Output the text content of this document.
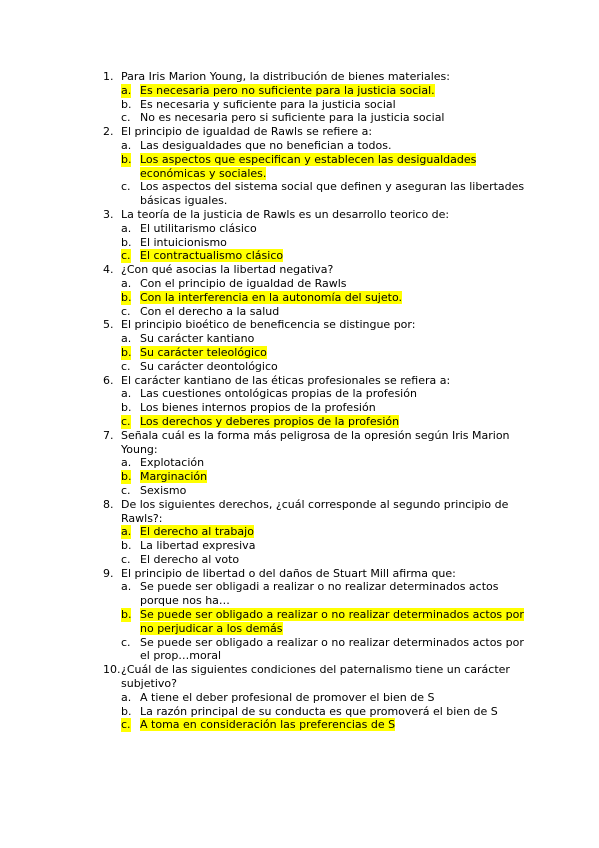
1. Para Iris Marion Young, la distribución de bienes materiales:
a. Es necesaria pero no suficiente para la justicia social.
b. Es necesaria y suficiente para la justicia social
c. No es necesaria pero si suficiente para la justicia social
2. El principio de igualdad de Rawls se refiere a:
a. Las desigualdades que no benefician a todos.
b. Los aspectos que especifican y establecen las desigualdades económicas y sociales.
c. Los aspectos del sistema social que definen y aseguran las libertades básicas iguales.
3. La teoría de la justicia de Rawls es un desarrollo teorico de:
a. El utilitarismo clásico
b. El intuicionismo
c. El contractualismo clásico
4. ¿Con qué asocias la libertad negativa?
a. Con el principio de igualdad de Rawls
b. Con la interferencia en la autonomía del sujeto.
c. Con el derecho a la salud
5. El principio bioético de beneficencia se distingue por:
a. Su carácter kantiano
b. Su carácter teleológico
c. Su carácter deontológico
6. El carácter kantiano de las éticas profesionales se refiera a:
a. Las cuestiones ontológicas propias de la profesión
b. Los bienes internos propios de la profesión
c. Los derechos y deberes propios de la profesión
7. Señala cuál es la forma más peligrosa de la opresión según Iris Marion Young:
a. Explotación
b. Marginación
c. Sexismo
8. De los siguientes derechos, ¿cuál corresponde al segundo principio de Rawls?:
a. El derecho al trabajo
b. La libertad expresiva
c. El derecho al voto
9. El principio de libertad o del daños de Stuart Mill afirma que:
a. Se puede ser obligadi a realizar o no realizar determinados actos porque nos ha…
b. Se puede ser obligado a realizar o no realizar determinados actos por no perjudicar a los demás
c. Se puede ser obligado a realizar o no realizar determinados actos por el prop…moral
10. ¿Cuál de las siguientes condiciones del paternalismo tiene un carácter subjetivo?
a. A tiene el deber profesional de promover el bien de S
b. La razón principal de su conducta es que promoverá el bien de S
c. A toma en consideración las preferencias de S
